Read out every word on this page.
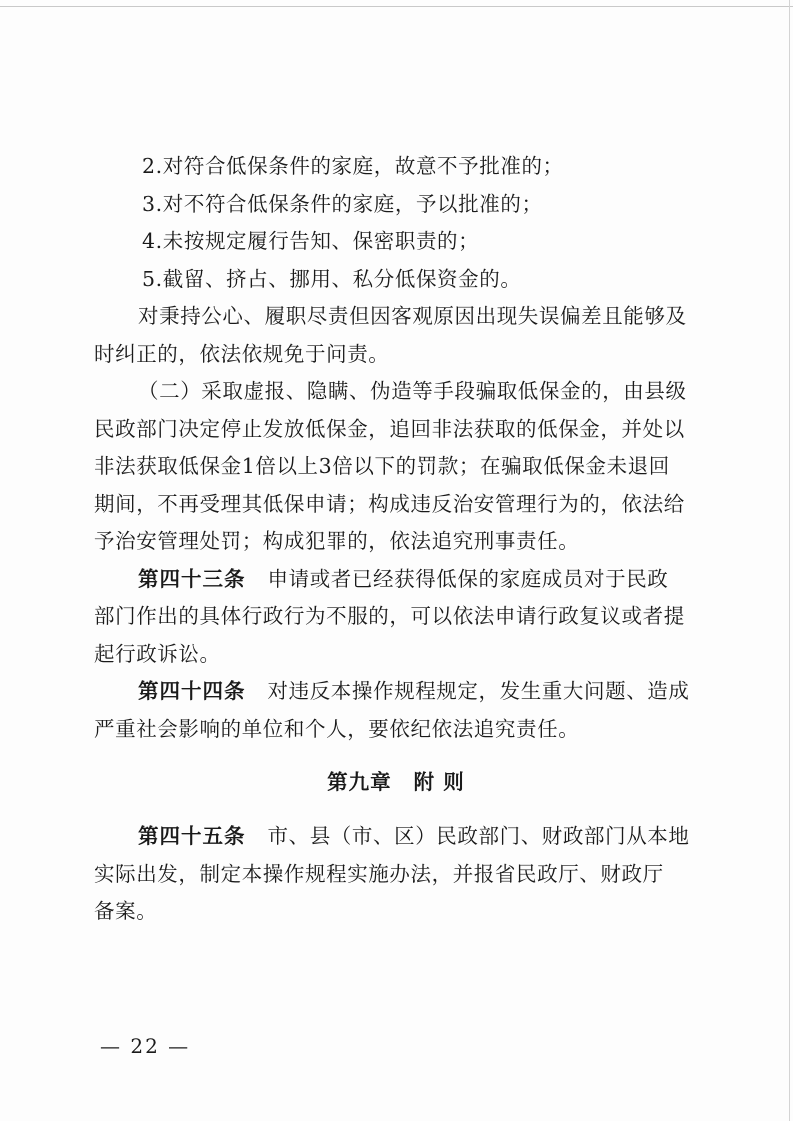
2.对符合低保条件的家庭，故意不予批准的；
3.对不符合低保条件的家庭，予以批准的；
4.未按规定履行告知、保密职责的；
5.截留、挤占、挪用、私分低保资金的。
对秉持公心、履职尽责但因客观原因出现失误偏差且能够及
时纠正的，依法依规免于问责。
（二）采取虚报、隐瞒、伪造等手段骗取低保金的，由县级
民政部门决定停止发放低保金，追回非法获取的低保金，并处以
非法获取低保金1倍以上3倍以下的罚款；在骗取低保金未退回
期间，不再受理其低保申请；构成违反治安管理行为的，依法给
予治安管理处罚；构成犯罪的，依法追究刑事责任。
第四十三条 申请或者已经获得低保的家庭成员对于民政
部门作出的具体行政行为不服的，可以依法申请行政复议或者提
起行政诉讼。
第四十四条 对违反本操作规程规定，发生重大问题、造成
严重社会影响的单位和个人，要依纪依法追究责任。
第九章 附 则
第四十五条 市、县（市、区）民政部门、财政部门从本地
实际出发，制定本操作规程实施办法，并报省民政厅、财政厅
备案。
— 22 —
